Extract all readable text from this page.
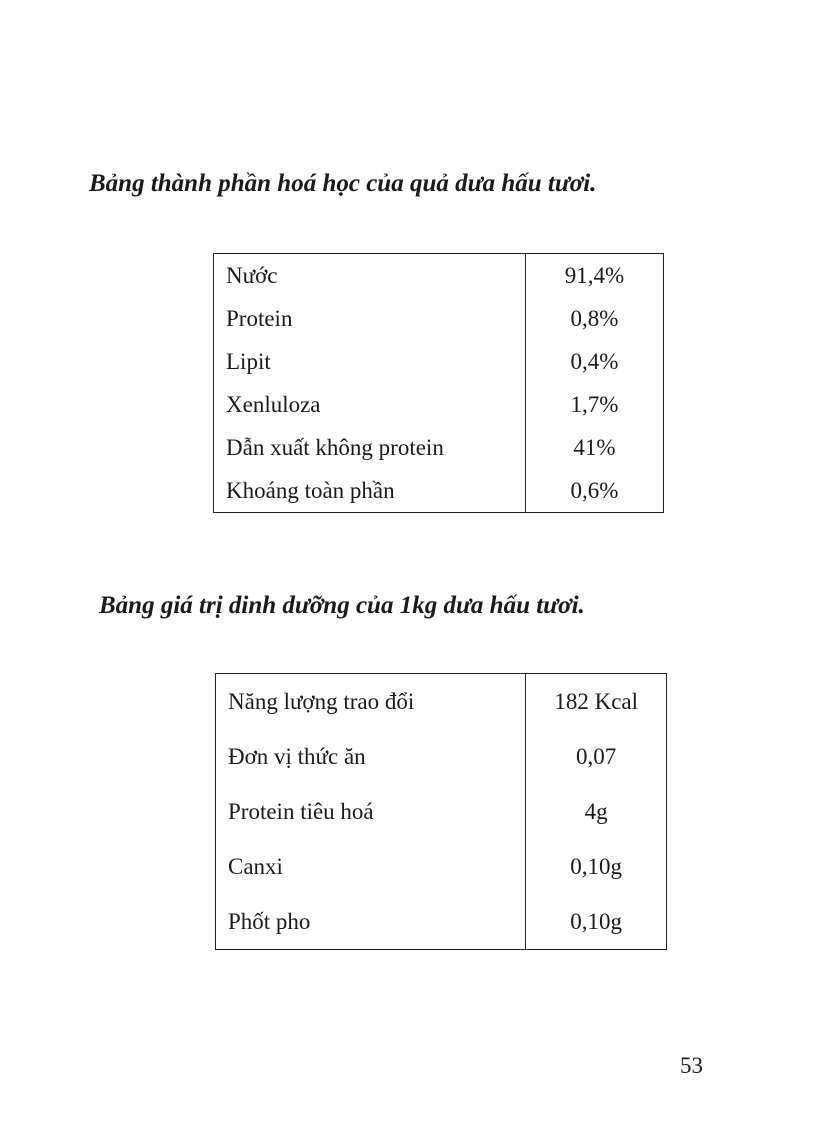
Bảng thành phần hoá học của quả dưa hấu tươi.
Nước	91,4%
Protein	0,8%
Lipit	0,4%
Xenluloza	1,7%
Dẫn xuất không protein	41%
Khoáng toàn phần	0,6%
Bảng giá trị dinh dưỡng của 1kg dưa hấu tươi.
Năng lượng trao đổi	182 Kcal
Đơn vị thức ăn	0,07
Protein tiêu hoá	4g
Canxi	0,10g
Phốt pho	0,10g
53
